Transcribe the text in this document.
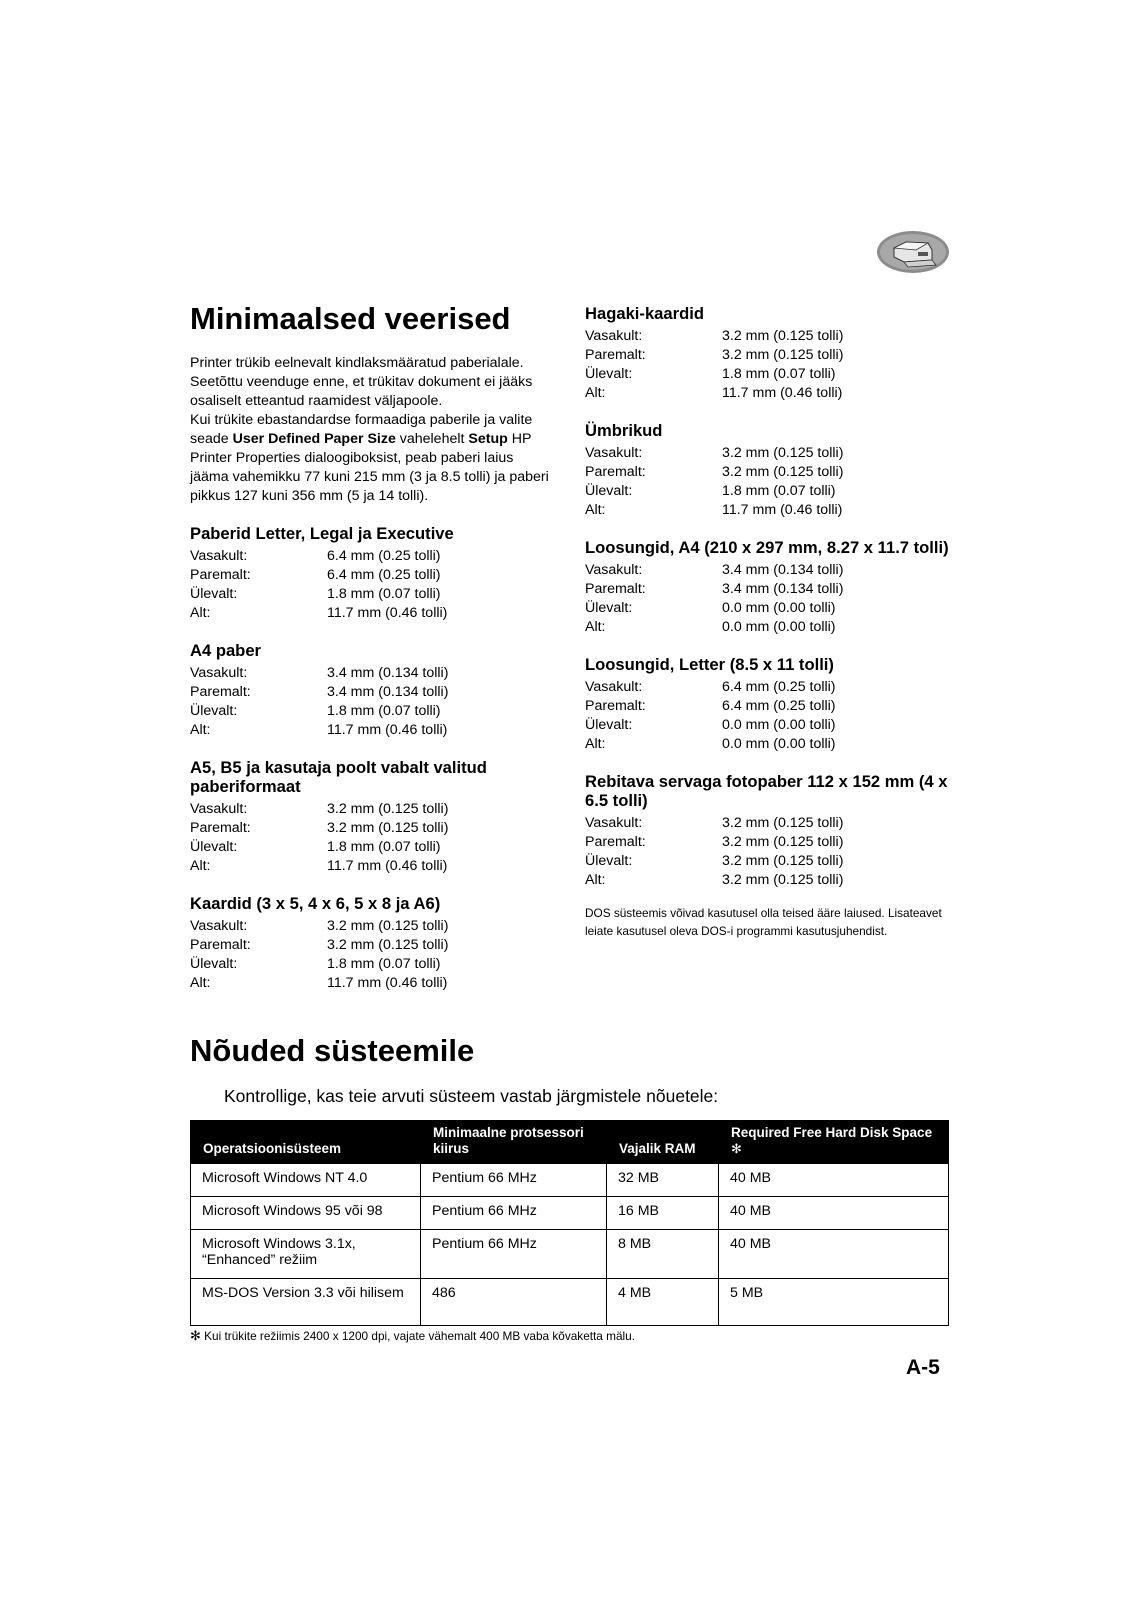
Minimaalsed veerised
Printer trükib eelnevalt kindlaksmääratud paberialale. Seetõttu veenduge enne, et trükitav dokument ei jääks osaliselt etteantud raamidest väljapoole.
Kui trükite ebastandardse formaadiga paberile ja valite seade User Defined Paper Size vahelehelt Setup HP Printer Properties dialoogiboksist, peab paberi laius jääma vahemikku 77 kuni 215 mm (3 ja 8.5 tolli) ja paberi pikkus 127 kuni 356 mm (5 ja 14 tolli).
Paberid Letter, Legal ja Executive
Vasakult:	6.4 mm (0.25 tolli)
Paremalt:	6.4 mm (0.25 tolli)
Ülevalt:	1.8 mm (0.07 tolli)
Alt:	11.7 mm (0.46 tolli)
A4 paber
Vasakult:	3.4 mm (0.134 tolli)
Paremalt:	3.4 mm (0.134 tolli)
Ülevalt:	1.8 mm (0.07 tolli)
Alt:	11.7 mm (0.46 tolli)
A5, B5 ja kasutaja poolt vabalt valitud paberiformaat
Vasakult:	3.2 mm (0.125 tolli)
Paremalt:	3.2 mm (0.125 tolli)
Ülevalt:	1.8 mm (0.07 tolli)
Alt:	11.7 mm (0.46 tolli)
Kaardid (3 x 5, 4 x 6, 5 x 8 ja A6)
Vasakult:	3.2 mm (0.125 tolli)
Paremalt:	3.2 mm (0.125 tolli)
Ülevalt:	1.8 mm (0.07 tolli)
Alt:	11.7 mm (0.46 tolli)
Hagaki-kaardid
Vasakult:	3.2 mm (0.125 tolli)
Paremalt:	3.2 mm (0.125 tolli)
Ülevalt:	1.8 mm (0.07 tolli)
Alt:	11.7 mm (0.46 tolli)
Ümbrikud
Vasakult:	3.2 mm (0.125 tolli)
Paremalt:	3.2 mm (0.125 tolli)
Ülevalt:	1.8 mm (0.07 tolli)
Alt:	11.7 mm (0.46 tolli)
Loosungid, A4 (210 x 297 mm, 8.27 x 11.7 tolli)
Vasakult:	3.4 mm (0.134 tolli)
Paremalt:	3.4 mm (0.134 tolli)
Ülevalt:	0.0 mm (0.00 tolli)
Alt:	0.0 mm (0.00 tolli)
Loosungid, Letter (8.5 x 11 tolli)
Vasakult:	6.4 mm (0.25 tolli)
Paremalt:	6.4 mm (0.25 tolli)
Ülevalt:	0.0 mm (0.00 tolli)
Alt:	0.0 mm (0.00 tolli)
Rebitava servaga fotopaber 112 x 152 mm (4 x 6.5 tolli)
Vasakult:	3.2 mm (0.125 tolli)
Paremalt:	3.2 mm (0.125 tolli)
Ülevalt:	3.2 mm (0.125 tolli)
Alt:	3.2 mm (0.125 tolli)
DOS süsteemis võivad kasutusel olla teised ääre laiused. Lisateavet leiate kasutusel oleva DOS-i programmi kasutusjuhendist.
Nõuded süsteemile
Kontrollige, kas teie arvuti süsteem vastab järgmistele nõuetele:
Operatsioonisüsteem	Minimaalne protsessori kiirus	Vajalik RAM	Required Free Hard Disk Space ✻
Microsoft Windows NT 4.0	Pentium 66 MHz	32 MB	40 MB
Microsoft Windows 95 või 98	Pentium 66 MHz	16 MB	40 MB
Microsoft Windows 3.1x, “Enhanced” režiim	Pentium 66 MHz	8 MB	40 MB
MS-DOS Version 3.3 või hilisem	486	4 MB	5 MB
✻ Kui trükite režiimis 2400 x 1200 dpi, vajate vähemalt 400 MB vaba kõvaketta mälu.
A-5
